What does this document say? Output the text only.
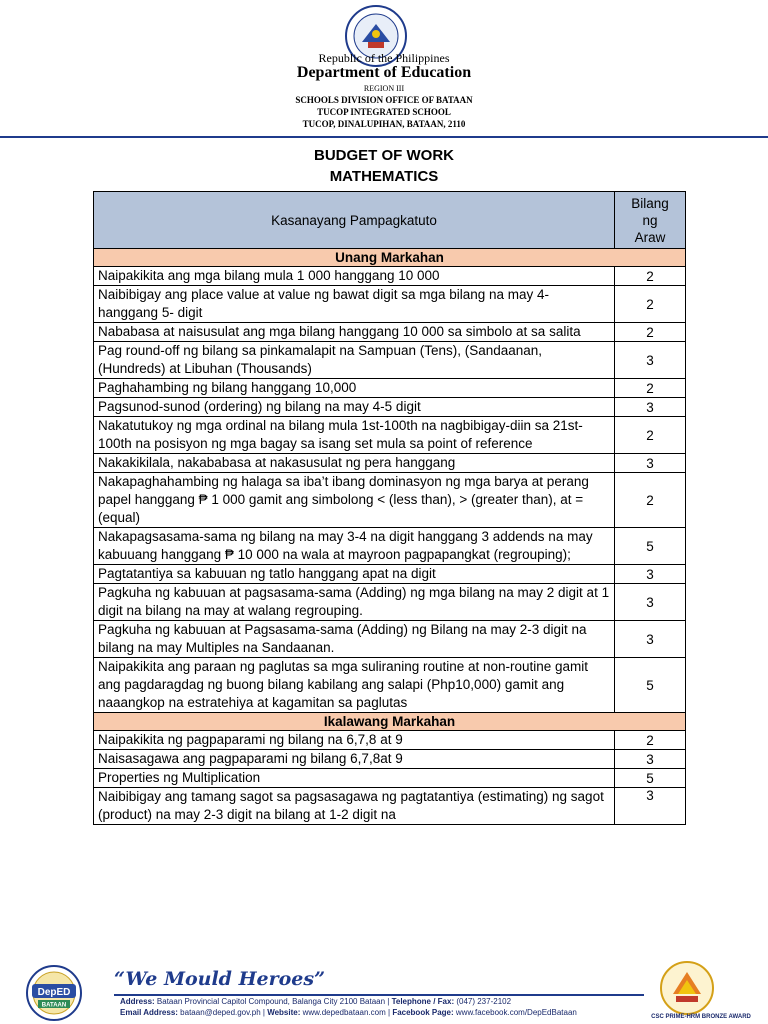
Republic of the Philippines
Department of Education
REGION III
SCHOOLS DIVISION OFFICE OF BATAAN
TUCOP INTEGRATED SCHOOL
TUCOP, DINALUPIHAN, BATAAN, 2110
BUDGET OF WORK
MATHEMATICS
Kasanayang Pampagkatuto	Bilang
ng
Araw
Unang Markahan	
Naipakikita ang mga bilang mula 1 000 hanggang 10 000	2
Naibibigay ang place value at value ng bawat digit sa mga bilang na may 4- hanggang 5- digit	2
Nababasa at naisusulat ang mga bilang hanggang 10 000 sa simbolo at sa salita	2
Pag round-off ng bilang sa pinkamalapit na Sampuan (Tens), (Sandaanan, (Hundreds) at Libuhan (Thousands)	3
Paghahambing ng bilang hanggang 10,000	2
Pagsunod-sunod (ordering) ng bilang na may 4-5 digit	3
Nakatutukoy ng mga ordinal na bilang mula 1st-100th na nagbibigay-diin sa 21st-100th na posisyon ng mga bagay sa isang set mula sa point of reference	2
Nakakikilala, nakababasa at nakasusulat ng pera hanggang	3
Nakapaghahambing ng halaga sa iba’t ibang dominasyon ng mga barya at perang papel hanggang ₱ 1 000 gamit ang simbolong < (less than), > (greater than), at = (equal)	2
Nakapagsasama-sama ng bilang na may 3-4 na digit hanggang 3 addends na may kabuuang hanggang ₱ 10 000 na wala at mayroon pagpapangkat (regrouping);	5
Pagtatantiya sa kabuuan ng tatlo hanggang apat na digit	3
Pagkuha ng kabuuan at pagsasama-sama (Adding) ng mga bilang na may 2 digit at 1 digit na bilang na may at walang regrouping.	3
Pagkuha ng kabuuan at Pagsasama-sama (Adding) ng Bilang na may 2-3 digit na bilang na may Multiples na Sandaanan.	3
Naipakikita ang paraan ng paglutas sa mga suliraning routine at non-routine gamit ang pagdaragdag ng buong bilang kabilang ang salapi (Php10,000) gamit ang naaangkop na estratehiya at kagamitan sa paglutas	5
Ikalawang Markahan	
Naipakikita ng pagpaparami ng bilang na 6,7,8 at 9	2
Naisasagawa ang pagpaparami ng bilang 6,7,8at 9	3
Properties ng Multiplication	5
Naibibigay ang tamang sagot sa pagsasagawa ng pagtatantiya (estimating) ng sagot (product) na may 2-3 digit na bilang at 1-2 digit na	3
DepED
BATAAN
“We Mould Heroes”
Address: Bataan Provincial Capitol Compound, Balanga City 2100 Bataan | Telephone / Fax: (047) 237-2102
Email Address: bataan@deped.gov.ph | Website: www.depedbataan.com | Facebook Page: www.facebook.com/DepEdBataan	CSC PRIME-HRM BRONZE AWARD
